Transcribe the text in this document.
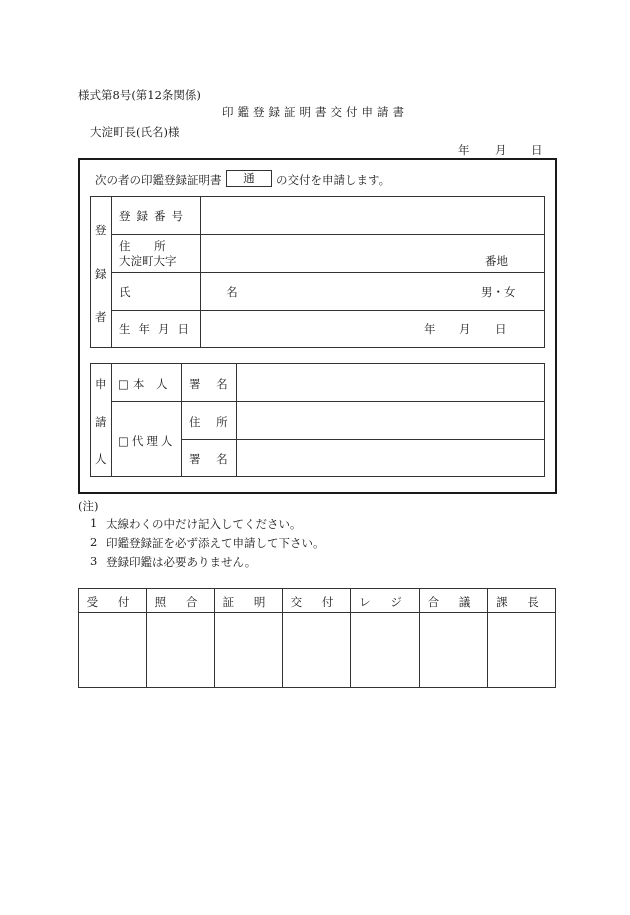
様式第8号(第12条関係)
印鑑登録証明書交付申請書
大淀町長(氏名)様
年 月 日
次の者の印鑑登録証明書	通	の交付を申請します。
登
録
者
登録番号
住 所
大淀町大字	番地
氏 名	男・女
生年月日	年 月 日
申
請
人
□本 人 署 名
□代理人
住 所
署 名
(注)
1 太線わくの中だけ記入してください。
2 印鑑登録証を必ず添えて申請して下さい。
3 登録印鑑は必要ありません。
受 付	照 合	証 明	交 付	レ ジ	合 議	課 長
